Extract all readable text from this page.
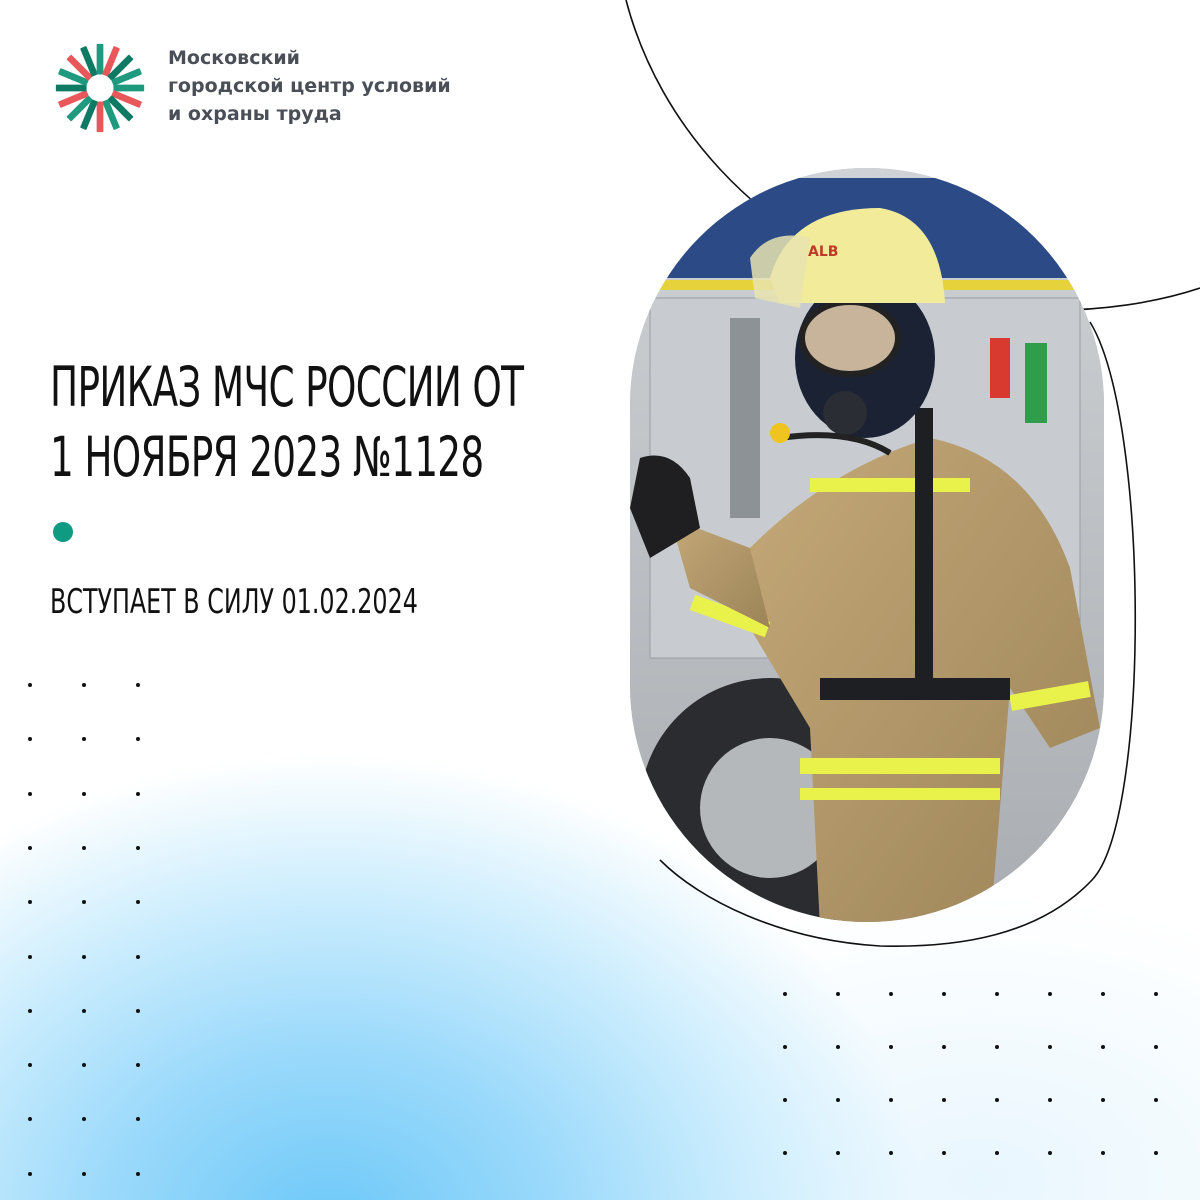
Московский
городской центр условий
и охраны труда
ПРИКАЗ МЧС РОССИИ ОТ
1 НОЯБРЯ 2023 №1128
ВСТУПАЕТ В СИЛУ 01.02.2024
ALB
